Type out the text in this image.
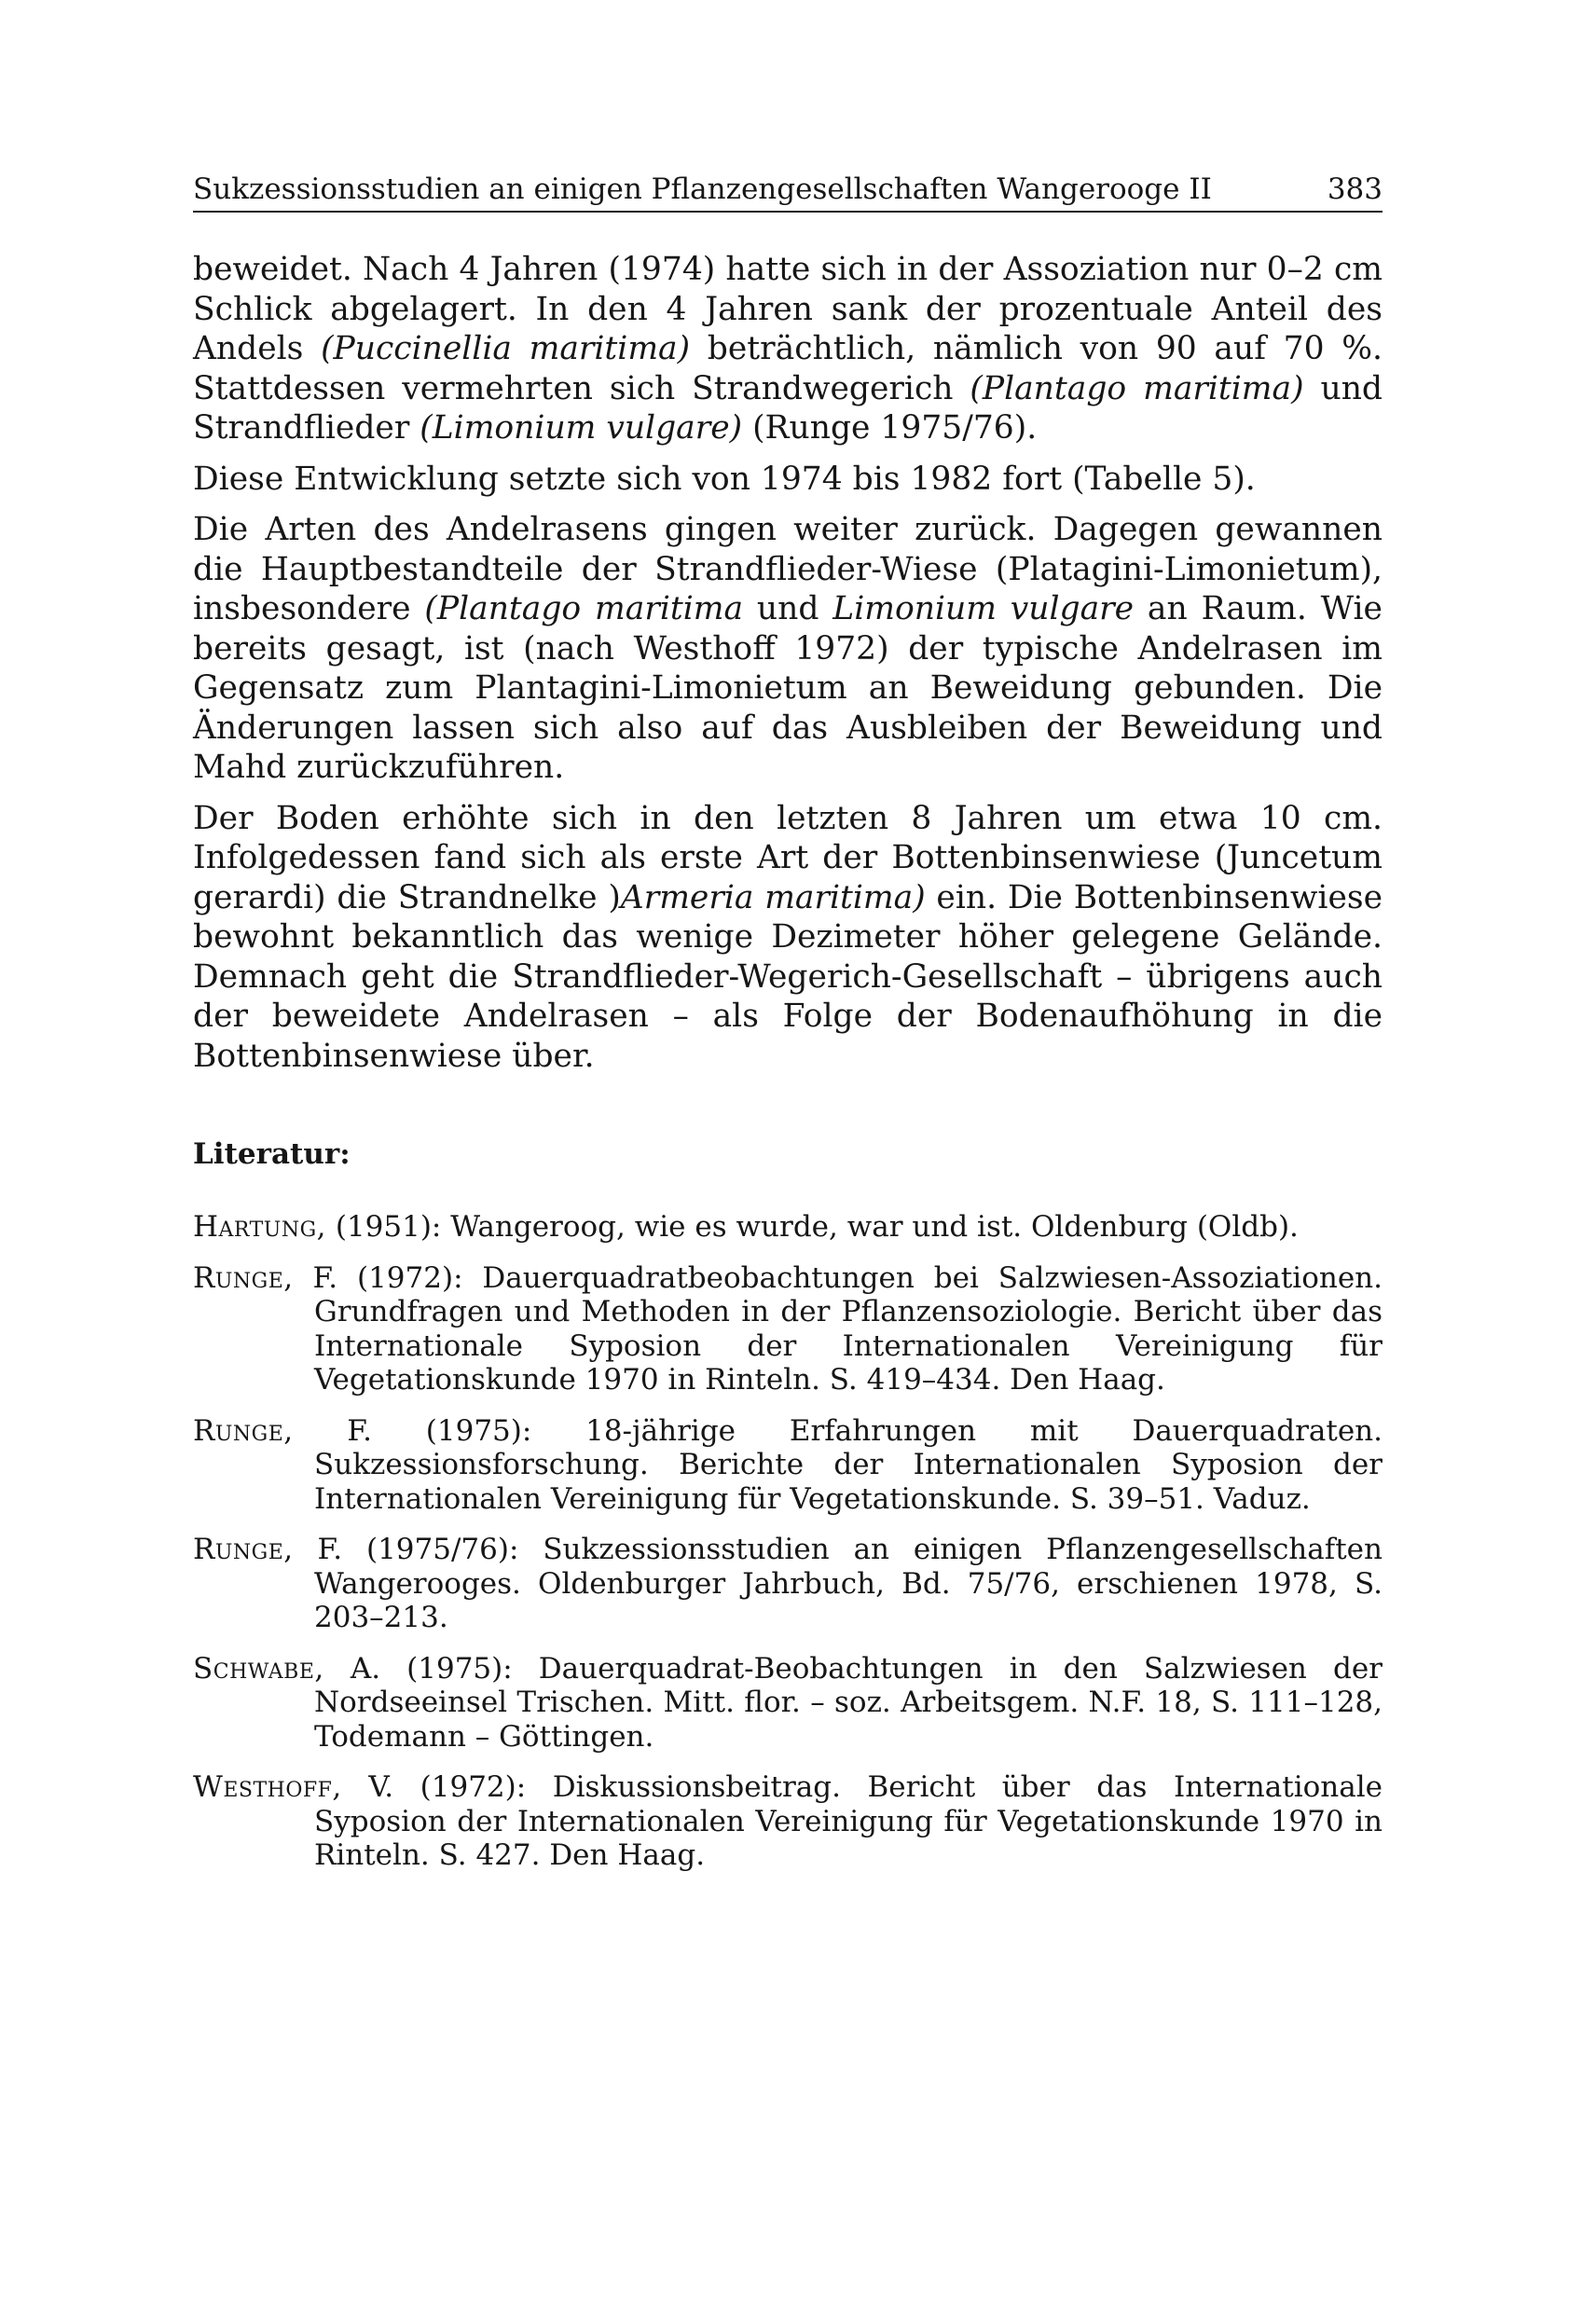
Sukzessionsstudien an einigen Pflanzengesellschaften Wangerooge II	383

beweidet. Nach 4 Jahren (1974) hatte sich in der Assoziation nur 0–2 cm Schlick abgelagert. In den 4 Jahren sank der prozentuale Anteil des Andels (Puccinellia maritima) beträchtlich, nämlich von 90 auf 70 %. Stattdessen vermehrten sich Strandwegerich (Plantago maritima) und Strandflieder (Limonium vulgare) (Runge 1975/76).

Diese Entwicklung setzte sich von 1974 bis 1982 fort (Tabelle 5).

Die Arten des Andelrasens gingen weiter zurück. Dagegen gewannen die Hauptbestandteile der Strandflieder-Wiese (Platagini-Limonietum), insbesondere (Plantago maritima und Limonium vulgare an Raum. Wie bereits gesagt, ist (nach Westhoff 1972) der typische Andelrasen im Gegensatz zum Plantagini-Limonietum an Beweidung gebunden. Die Änderungen lassen sich also auf das Ausbleiben der Beweidung und Mahd zurückzuführen.

Der Boden erhöhte sich in den letzten 8 Jahren um etwa 10 cm. Infolgedessen fand sich als erste Art der Bottenbinsenwiese (Juncetum gerardi) die Strandnelke )Armeria maritima) ein. Die Bottenbinsenwiese bewohnt bekanntlich das wenige Dezimeter höher gelegene Gelände. Demnach geht die Strandflieder-Wegerich-Gesellschaft – übrigens auch der beweidete Andelrasen – als Folge der Bodenaufhöhung in die Bottenbinsenwiese über.

Literatur:

Hartung, (1951): Wangeroog, wie es wurde, war und ist. Oldenburg (Oldb).

Runge, F. (1972): Dauerquadratbeobachtungen bei Salzwiesen-Assoziationen. Grundfragen und Methoden in der Pflanzensoziologie. Bericht über das Internationale Syposion der Internationalen Vereinigung für Vegetationskunde 1970 in Rinteln. S. 419–434. Den Haag.

Runge, F. (1975): 18-jährige Erfahrungen mit Dauerquadraten. Sukzessionsforschung. Berichte der Internationalen Syposion der Internationalen Vereinigung für Vegetationskunde. S. 39–51. Vaduz.

Runge, F. (1975/76): Sukzessionsstudien an einigen Pflanzengesellschaften Wangerooges. Oldenburger Jahrbuch, Bd. 75/76, erschienen 1978, S. 203–213.

Schwabe, A. (1975): Dauerquadrat-Beobachtungen in den Salzwiesen der Nordseeinsel Trischen. Mitt. flor. – soz. Arbeitsgem. N.F. 18, S. 111–128, Todemann – Göttingen.

Westhoff, V. (1972): Diskussionsbeitrag. Bericht über das Internationale Syposion der Internationalen Vereinigung für Vegetationskunde 1970 in Rinteln. S. 427. Den Haag.
